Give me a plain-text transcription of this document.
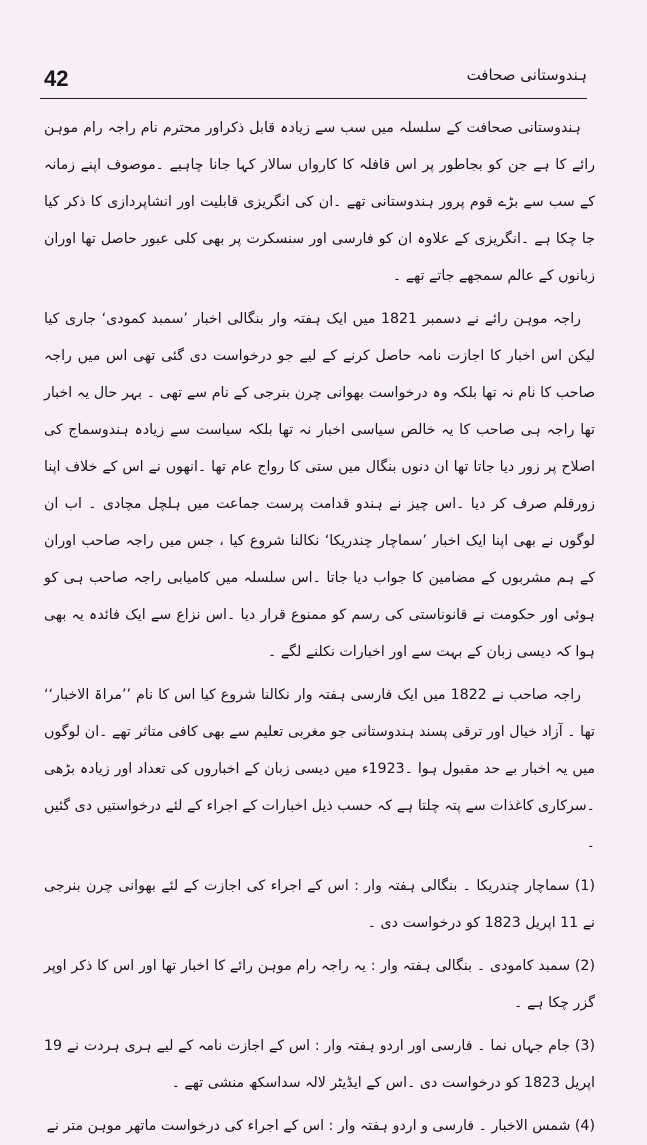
42	ہندوستانی صحافت

ہندوستانی صحافت کے سلسلہ میں سب سے زیادہ قابل ذکراور محترم نام راجہ رام موہن رائے کا ہے جن کو بجاطور پر اس قافلہ کا کارواں سالار کہا جانا چاہیے ۔موصوف اپنے زمانہ کے سب سے بڑے قوم پرور ہندوستانی تھے ۔ان کی انگریزی قابلیت اور انشاپردازی کا ذکر کیا جا چکا ہے ۔انگریزی کے علاوہ ان کو فارسی اور سنسکرت پر بھی کلی عبور حاصل تھا اوران زبانوں کے عالم سمجھے جاتے تھے ۔

راجہ موہن رائے نے دسمبر 1821 میں ایک ہفتہ وار بنگالی اخبار ’سمبد کمودی‘ جاری کیا لیکن اس اخبار کا اجازت نامہ حاصل کرنے کے لیے جو درخواست دی گئی تھی اس میں راجہ صاحب کا نام نہ تھا بلکہ وہ درخواست بھوانی چرن بنرجی کے نام سے تھی ۔ بہر حال یہ اخبار تھا راجہ ہی صاحب کا یہ خالص سیاسی اخبار نہ تھا بلکہ سیاست سے زیادہ ہندوسماج کی اصلاح پر زور دیا جاتا تھا ان دنوں بنگال میں ستی کا رواج عام تھا ۔انھوں نے اس کے خلاف اپنا زورقلم صرف کر دیا ۔اس چیز نے ہندو قدامت پرست جماعت میں ہلچل مچادی ۔ اب ان لوگوں نے بھی اپنا ایک اخبار ’سماچار چندریکا‘ نکالنا شروع کیا ، جس میں راجہ صاحب اوران کے ہم مشربوں کے مضامین کا جواب دیا جاتا ۔اس سلسلہ میں کامیابی راجہ صاحب ہی کو ہوئی اور حکومت نے قانوناستی کی رسم کو ممنوع قرار دیا ۔اس نزاع سے ایک فائدہ یہ بھی ہوا کہ دیسی زبان کے بہت سے اور اخبارات نکلنے لگے ۔

راجہ صاحب نے 1822 میں ایک فارسی ہفتہ وار نکالنا شروع کیا اس کا نام ’’مراۃ الاخبار‘‘ تھا ۔ آزاد خیال اور ترقی پسند ہندوستانی جو مغربی تعلیم سے بھی کافی متاثر تھے ۔ان لوگوں میں یہ اخبار بے حد مقبول ہوا ۔1923ء میں دیسی زبان کے اخباروں کی تعداد اور زیادہ بڑھی ۔سرکاری کاغذات سے پتہ چلتا ہے کہ حسب ذیل اخبارات کے اجراء کے لئے درخواستیں دی گئیں ۔

(1) سماچار چندریکا ۔ بنگالی ہفتہ وار : اس کے اجراء کی اجازت کے لئے بھوانی چرن بنرجی نے 11 اپریل 1823 کو درخواست دی ۔

(2) سمبد کامودی ۔ بنگالی ہفتہ وار : یہ راجہ رام موہن رائے کا اخبار تھا اور اس کا ذکر اوپر گزر چکا ہے ۔

(3) جام جہاں نما ۔ فارسی اور اردو ہفتہ وار : اس کے اجازت نامہ کے لیے ہری ہردت نے 19 اپریل 1823 کو درخواست دی ۔اس کے ایڈیٹر لالہ سداسکھ منشی تھے ۔

(4) شمس الاخبار ۔ فارسی و اردو ہفتہ وار : اس کے اجراء کی درخواست ماتھر موہن متر نے
